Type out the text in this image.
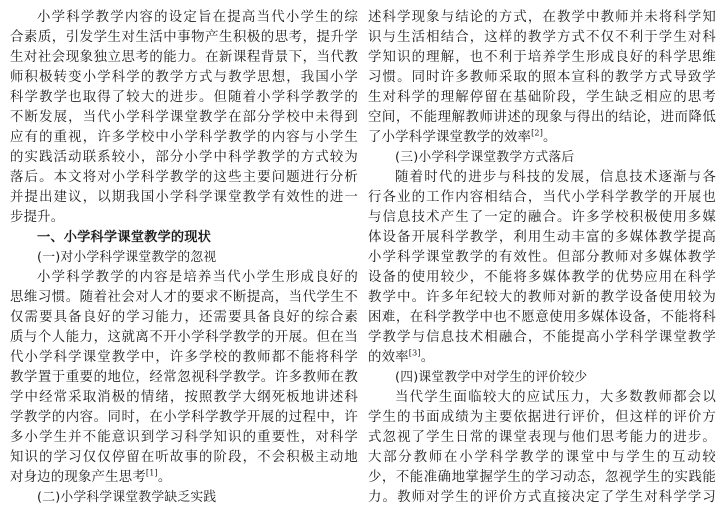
小学科学教学内容的设定旨在提高当代小学生的综
合素质，引发学生对生活中事物产生积极的思考，提升学
生对社会现象独立思考的能力。在新课程背景下，当代教
师积极转变小学科学的教学方式与教学思想，我国小学
科学教学也取得了较大的进步。但随着小学科学教学的
不断发展，当代小学科学课堂教学在部分学校中未得到
应有的重视，许多学校中小学科学教学的内容与小学生
的实践活动联系较小，部分小学中科学教学的方式较为
落后。本文将对小学科学教学的这些主要问题进行分析
并提出建议，以期我国小学科学课堂教学有效性的进一
步提升。
一、小学科学课堂教学的现状
(一)对小学科学课堂教学的忽视
小学科学教学的内容是培养当代小学生形成良好的
思维习惯。随着社会对人才的要求不断提高，当代学生不
仅需要具备良好的学习能力，还需要具备良好的综合素
质与个人能力，这就离不开小学科学教学的开展。但在当
代小学科学课堂教学中，许多学校的教师都不能将科学
教学置于重要的地位，经常忽视科学教学。许多教师在教
学中经常采取消极的情绪，按照教学大纲死板地讲述科
学教学的内容。同时，在小学科学教学开展的过程中，许
多小学生并不能意识到学习科学知识的重要性，对科学
知识的学习仅仅停留在听故事的阶段，不会积极主动地
对身边的现象产生思考[1]。
(二)小学科学课堂教学缺乏实践
述科学现象与结论的方式，在教学中教师并未将科学知
识与生活相结合，这样的教学方式不仅不利于学生对科
学知识的理解，也不利于培养学生形成良好的科学思维
习惯。同时许多教师采取的照本宣科的教学方式导致学
生对科学的理解停留在基础阶段，学生缺乏相应的思考
空间，不能理解教师讲述的现象与得出的结论，进而降低
了小学科学课堂教学的效率[2]。
(三)小学科学课堂教学方式落后
随着时代的进步与科技的发展，信息技术逐渐与各
行各业的工作内容相结合，当代小学科学教学的开展也
与信息技术产生了一定的融合。许多学校积极使用多媒
体设备开展科学教学，利用生动丰富的多媒体教学提高
小学科学课堂教学的有效性。但部分教师对多媒体教学
设备的使用较少，不能将多媒体教学的优势应用在科学
教学中。许多年纪较大的教师对新的教学设备使用较为
困难，在科学教学中也不愿意使用多媒体设备，不能将科
学教学与信息技术相融合，不能提高小学科学课堂教学
的效率[3]。
(四)课堂教学中对学生的评价较少
当代学生面临较大的应试压力，大多数教师都会以
学生的书面成绩为主要依据进行评价，但这样的评价方
式忽视了学生日常的课堂表现与他们思考能力的进步。
大部分教师在小学科学教学的课堂中与学生的互动较
少，不能准确地掌握学生的学习动态，忽视学生的实践能
力。教师对学生的评价方式直接决定了学生对科学学习
